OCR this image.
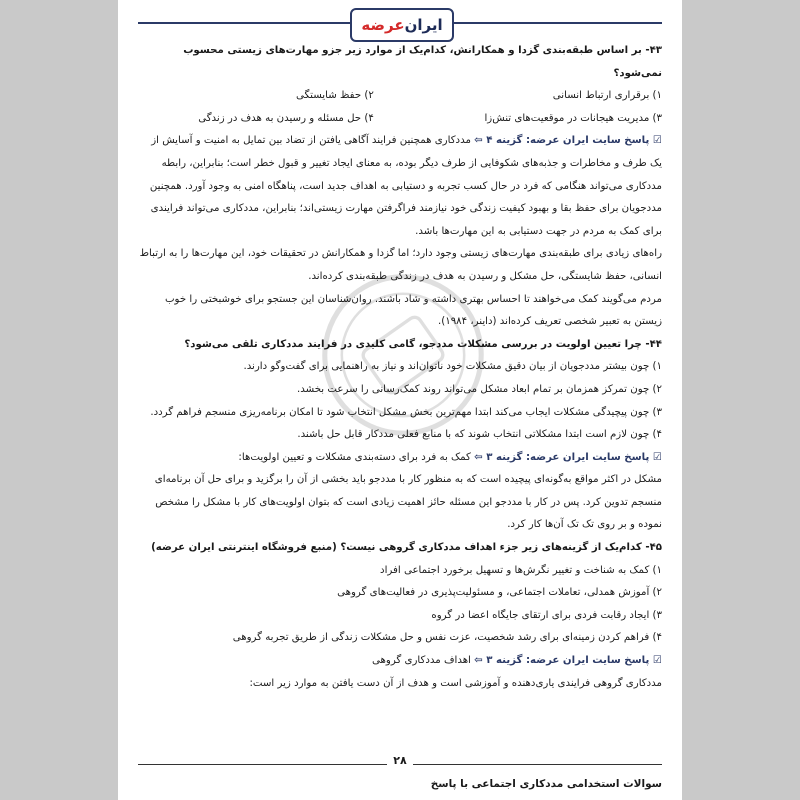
ایران
عرضه

۴۳- بر اساس طبقه‌بندی گزدا و همکارانش، کدام‌یک از موارد زیر جزو مهارت‌های زیستی محسوب نمی‌شود؟

۱) برقراری ارتباط انسانی
۲) حفظ شایستگی
۳) مدیریت هیجانات در موقعیت‌های تنش‌زا
۴) حل مسئله و رسیدن به هدف در زندگی

☑ پاسخ سایت ایران عرضه: گزینه ۴ ⇦ مددکاری همچنین فرایند آگاهی یافتن از تضاد بین تمایل به امنیت و آسایش از یک طرف و مخاطرات و جذبه‌های شکوفایی از طرف دیگر بوده، به معنای ایجاد تغییر و قبول خطر است؛ بنابراین، رابطه مددکاری می‌تواند هنگامی که فرد در حال کسب تجربه و دستیابی به اهداف جدید است، پناهگاه امنی به وجود آورد. همچنین مددجویان برای حفظ بقا و بهبود کیفیت زندگی خود نیازمند فراگرفتن مهارت زیستی‌اند؛ بنابراین، مددکاری می‌تواند فرایندی برای کمک به مردم در جهت دستیابی به این مهارت‌ها باشد.

راه‌های زیادی برای طبقه‌بندی مهارت‌های زیستی وجود دارد؛ اما گزدا و همکارانش در تحقیقات خود، این مهارت‌ها را به ارتباط انسانی، حفظ شایستگی، حل مشکل و رسیدن به هدف در زندگی طبقه‌بندی کرده‌اند.

مردم می‌گویند کمک می‌خواهند تا احساس بهتری داشته و شاد باشند. روان‌شناسان این جستجو برای خوشبختی را خوب زیستن به تعبیر شخصی تعریف کرده‌اند (داینر، ۱۹۸۴).

۴۴- چرا تعیین اولویت در بررسی مشکلات مددجو، گامی کلیدی در فرایند مددکاری تلقی می‌شود؟

۱) چون بیشتر مددجویان از بیان دقیق مشکلات خود ناتوان‌اند و نیاز به راهنمایی برای گفت‌وگو دارند.

۲) چون تمرکز همزمان بر تمام ابعاد مشکل می‌تواند روند کمک‌رسانی را سرعت بخشد.

۳) چون پیچیدگی مشکلات ایجاب می‌کند ابتدا مهم‌ترین بخش مشکل انتخاب شود تا امکان برنامه‌ریزی منسجم فراهم گردد.

۴) چون لازم است ابتدا مشکلاتی انتخاب شوند که با منابع فعلی مددکار قابل حل باشند.

☑ پاسخ سایت ایران عرضه: گزینه ۳ ⇦ کمک به فرد برای دسته‌بندی مشکلات و تعیین اولویت‌ها:

مشکل در اکثر مواقع به‌گونه‌ای پیچیده است که به منظور کار با مددجو باید بخشی از آن را برگزید و برای حل آن برنامه‌ای منسجم تدوین کرد. پس در کار با مددجو این مسئله حائز اهمیت زیادی است که بتوان اولویت‌های کار با مشکل را مشخص نموده و بر روی تک تک آن‌ها کار کرد.

۴۵- کدام‌یک از گزینه‌های زیر جزء اهداف مددکاری گروهی نیست؟ (منبع فروشگاه اینترنتی ایران عرضه)

۱) کمک به شناخت و تغییر نگرش‌ها و تسهیل برخورد اجتماعی افراد

۲) آموزش همدلی، تعاملات اجتماعی، و مسئولیت‌پذیری در فعالیت‌های گروهی

۳) ایجاد رقابت فردی برای ارتقای جایگاه اعضا در گروه

۴) فراهم کردن زمینه‌ای برای رشد شخصیت، عزت نفس و حل مشکلات زندگی از طریق تجربه گروهی

☑ پاسخ سایت ایران عرضه: گزینه ۳ ⇦ اهداف مددکاری گروهی

مددکاری گروهی فرایندی یاری‌دهنده و آموزشی است و هدف از آن دست یافتن به موارد زیر است:

۲۸
سوالات استخدامی مددکاری اجتماعی با پاسخ
